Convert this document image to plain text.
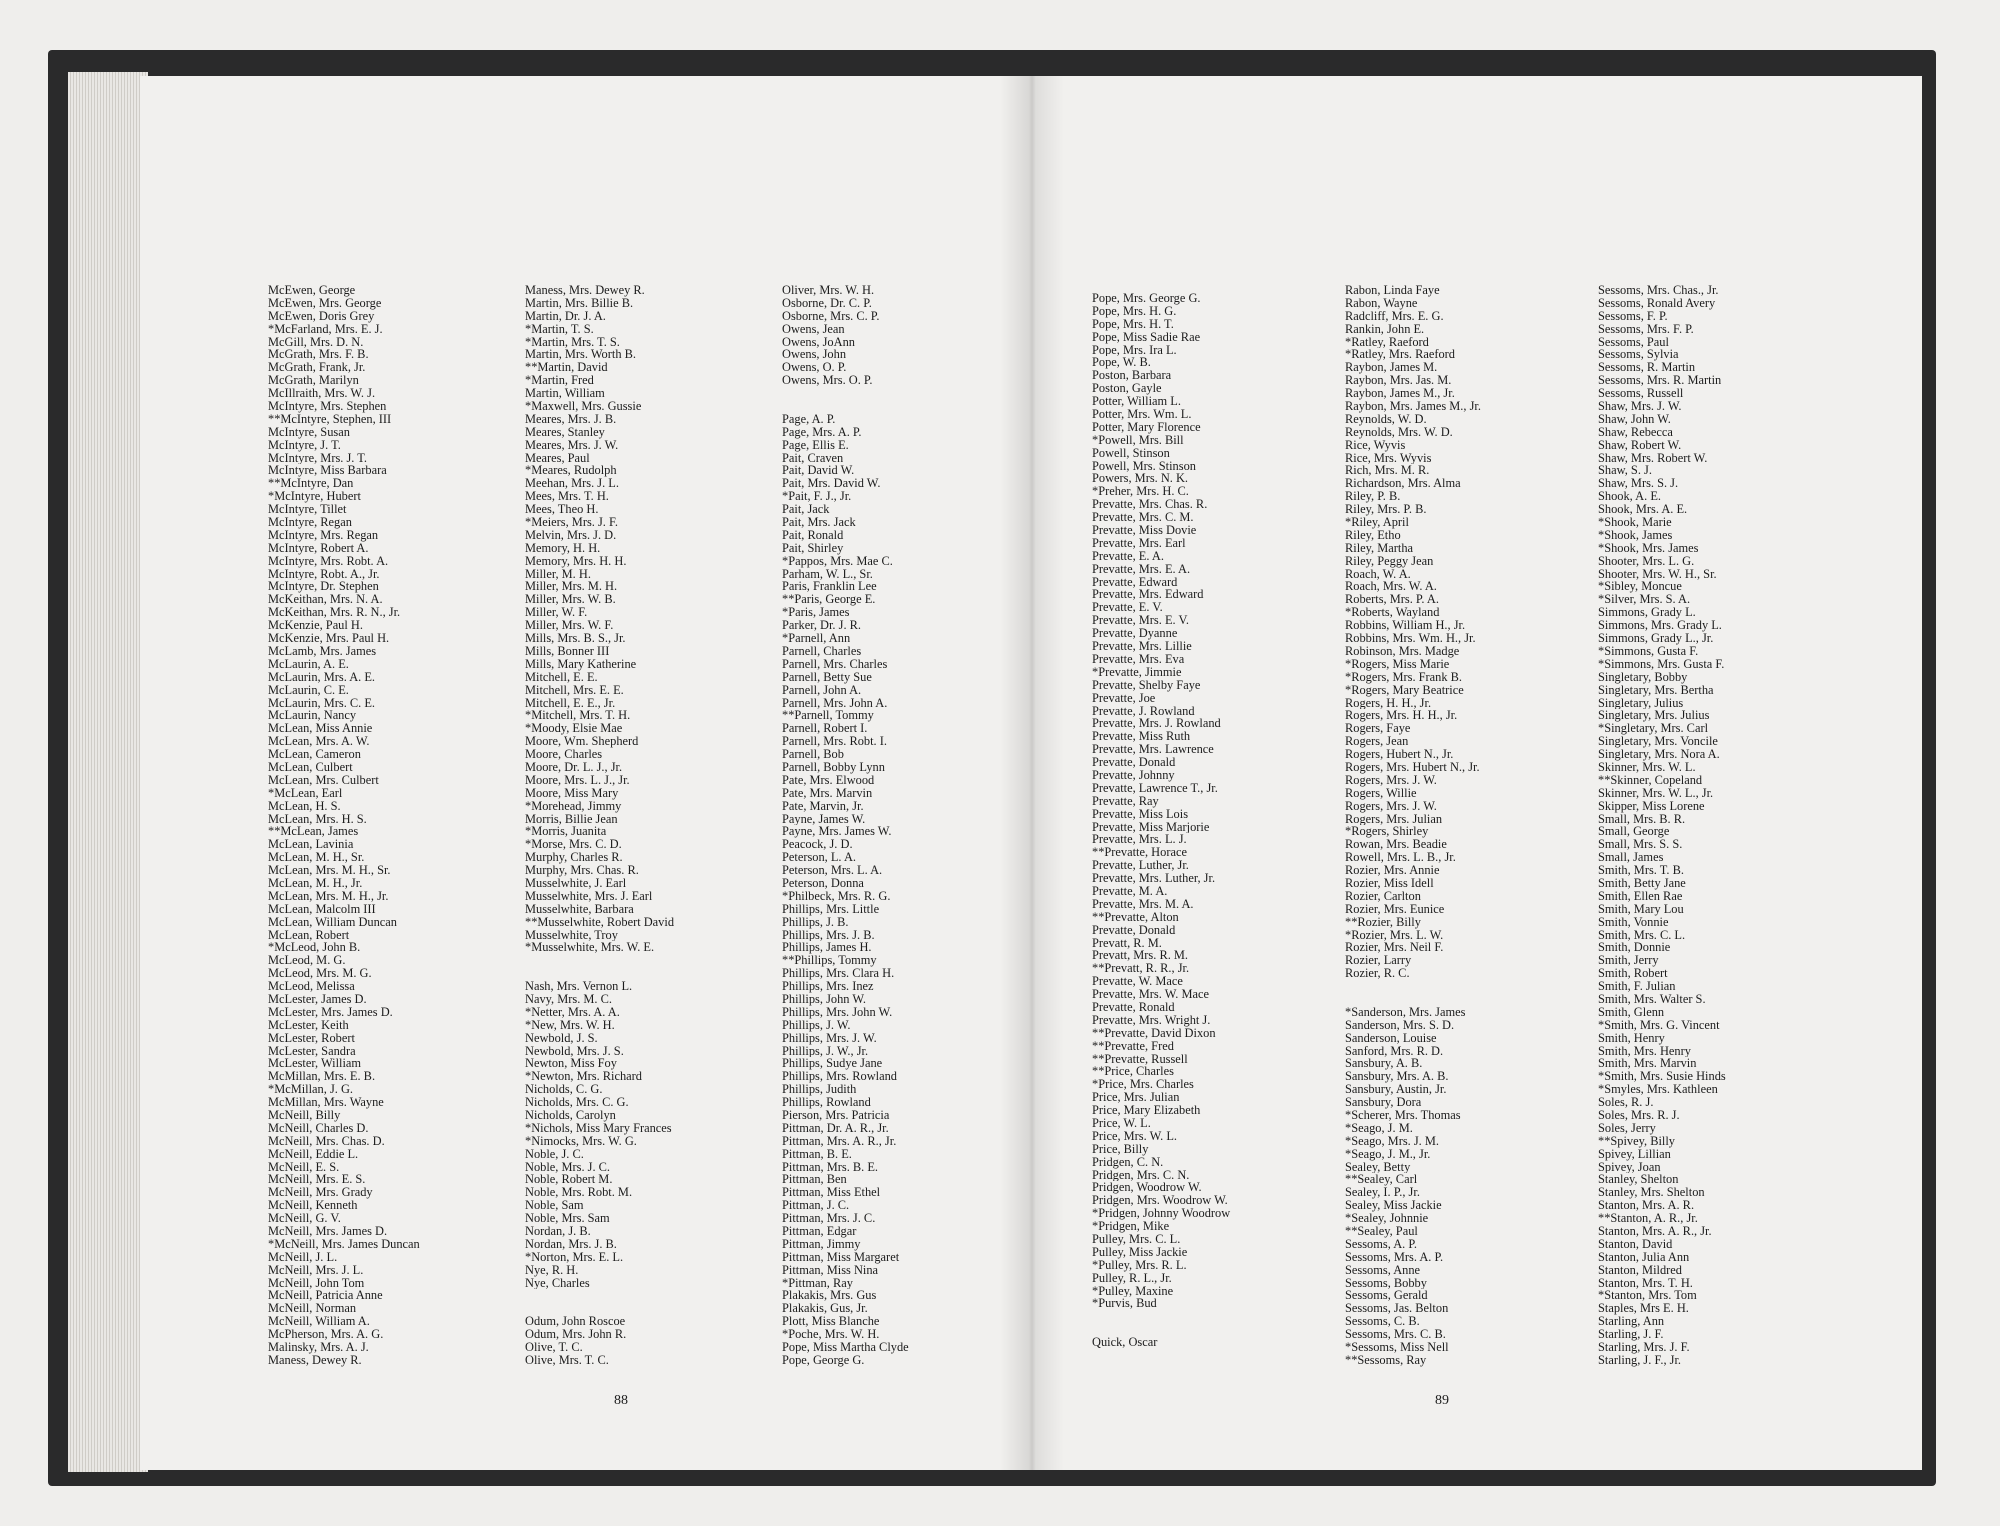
McEwen, George
McEwen, Mrs. George
McEwen, Doris Grey
*McFarland, Mrs. E. J.
McGill, Mrs. D. N.
McGrath, Mrs. F. B.
McGrath, Frank, Jr.
McGrath, Marilyn
McIllraith, Mrs. W. J.
McIntyre, Mrs. Stephen
**McIntyre, Stephen, III
McIntyre, Susan
McIntyre, J. T.
McIntyre, Mrs. J. T.
McIntyre, Miss Barbara
**McIntyre, Dan
*McIntyre, Hubert
McIntyre, Tillet
McIntyre, Regan
McIntyre, Mrs. Regan
McIntyre, Robert A.
McIntyre, Mrs. Robt. A.
McIntyre, Robt. A., Jr.
McIntyre, Dr. Stephen
McKeithan, Mrs. N. A.
McKeithan, Mrs. R. N., Jr.
McKenzie, Paul H.
McKenzie, Mrs. Paul H.
McLamb, Mrs. James
McLaurin, A. E.
McLaurin, Mrs. A. E.
McLaurin, C. E.
McLaurin, Mrs. C. E.
McLaurin, Nancy
McLean, Miss Annie
McLean, Mrs. A. W.
McLean, Cameron
McLean, Culbert
McLean, Mrs. Culbert
*McLean, Earl
McLean, H. S.
McLean, Mrs. H. S.
**McLean, James
McLean, Lavinia
McLean, M. H., Sr.
McLean, Mrs. M. H., Sr.
McLean, M. H., Jr.
McLean, Mrs. M. H., Jr.
McLean, Malcolm III
McLean, William Duncan
McLean, Robert
*McLeod, John B.
McLeod, M. G.
McLeod, Mrs. M. G.
McLeod, Melissa
McLester, James D.
McLester, Mrs. James D.
McLester, Keith
McLester, Robert
McLester, Sandra
McLester, William
McMillan, Mrs. E. B.
*McMillan, J. G.
McMillan, Mrs. Wayne
McNeill, Billy
McNeill, Charles D.
McNeill, Mrs. Chas. D.
McNeill, Eddie L.
McNeill, E. S.
McNeill, Mrs. E. S.
McNeill, Mrs. Grady
McNeill, Kenneth
McNeill, G. V.
McNeill, Mrs. James D.
*McNeill, Mrs. James Duncan
McNeill, J. L.
McNeill, Mrs. J. L.
McNeill, John Tom
McNeill, Patricia Anne
McNeill, Norman
McNeill, William A.
McPherson, Mrs. A. G.
Malinsky, Mrs. A. J.
Maness, Dewey R.
Maness, Mrs. Dewey R.
Martin, Mrs. Billie B.
Martin, Dr. J. A.
*Martin, T. S.
*Martin, Mrs. T. S.
Martin, Mrs. Worth B.
**Martin, David
*Martin, Fred
Martin, William
*Maxwell, Mrs. Gussie
Meares, Mrs. J. B.
Meares, Stanley
Meares, Mrs. J. W.
Meares, Paul
*Meares, Rudolph
Meehan, Mrs. J. L.
Mees, Mrs. T. H.
Mees, Theo H.
*Meiers, Mrs. J. F.
Melvin, Mrs. J. D.
Memory, H. H.
Memory, Mrs. H. H.
Miller, M. H.
Miller, Mrs. M. H.
Miller, Mrs. W. B.
Miller, W. F.
Miller, Mrs. W. F.
Mills, Mrs. B. S., Jr.
Mills, Bonner III
Mills, Mary Katherine
Mitchell, E. E.
Mitchell, Mrs. E. E.
Mitchell, E. E., Jr.
*Mitchell, Mrs. T. H.
*Moody, Elsie Mae
Moore, Wm. Shepherd
Moore, Charles
Moore, Dr. L. J., Jr.
Moore, Mrs. L. J., Jr.
Moore, Miss Mary
*Morehead, Jimmy
Morris, Billie Jean
*Morris, Juanita
*Morse, Mrs. C. D.
Murphy, Charles R.
Murphy, Mrs. Chas. R.
Musselwhite, J. Earl
Musselwhite, Mrs. J. Earl
Musselwhite, Barbara
**Musselwhite, Robert David
Musselwhite, Troy
*Musselwhite, Mrs. W. E.
Nash, Mrs. Vernon L.
Navy, Mrs. M. C.
*Netter, Mrs. A. A.
*New, Mrs. W. H.
Newbold, J. S.
Newbold, Mrs. J. S.
Newton, Miss Foy
*Newton, Mrs. Richard
Nicholds, C. G.
Nicholds, Mrs. C. G.
Nicholds, Carolyn
*Nichols, Miss Mary Frances
*Nimocks, Mrs. W. G.
Noble, J. C.
Noble, Mrs. J. C.
Noble, Robert M.
Noble, Mrs. Robt. M.
Noble, Sam
Noble, Mrs. Sam
Nordan, J. B.
Nordan, Mrs. J. B.
*Norton, Mrs. E. L.
Nye, R. H.
Nye, Charles
Odum, John Roscoe
Odum, Mrs. John R.
Olive, T. C.
Olive, Mrs. T. C.
Oliver, Mrs. W. H.
Osborne, Dr. C. P.
Osborne, Mrs. C. P.
Owens, Jean
Owens, JoAnn
Owens, John
Owens, O. P.
Owens, Mrs. O. P.
Page, A. P.
Page, Mrs. A. P.
Page, Ellis E.
Pait, Craven
Pait, David W.
Pait, Mrs. David W.
*Pait, F. J., Jr.
Pait, Jack
Pait, Mrs. Jack
Pait, Ronald
Pait, Shirley
*Pappos, Mrs. Mae C.
Parham, W. L., Sr.
Paris, Franklin Lee
**Paris, George E.
*Paris, James
Parker, Dr. J. R.
*Parnell, Ann
Parnell, Charles
Parnell, Mrs. Charles
Parnell, Betty Sue
Parnell, John A.
Parnell, Mrs. John A.
**Parnell, Tommy
Parnell, Robert I.
Parnell, Mrs. Robt. I.
Parnell, Bob
Parnell, Bobby Lynn
Pate, Mrs. Elwood
Pate, Mrs. Marvin
Pate, Marvin, Jr.
Payne, James W.
Payne, Mrs. James W.
Peacock, J. D.
Peterson, L. A.
Peterson, Mrs. L. A.
Peterson, Donna
*Philbeck, Mrs. R. G.
Phillips, Mrs. Little
Phillips, J. B.
Phillips, Mrs. J. B.
Phillips, James H.
**Phillips, Tommy
Phillips, Mrs. Clara H.
Phillips, Mrs. Inez
Phillips, John W.
Phillips, Mrs. John W.
Phillips, J. W.
Phillips, Mrs. J. W.
Phillips, J. W., Jr.
Phillips, Sudye Jane
Phillips, Mrs. Rowland
Phillips, Judith
Phillips, Rowland
Pierson, Mrs. Patricia
Pittman, Dr. A. R., Jr.
Pittman, Mrs. A. R., Jr.
Pittman, B. E.
Pittman, Mrs. B. E.
Pittman, Ben
Pittman, Miss Ethel
Pittman, J. C.
Pittman, Mrs. J. C.
Pittman, Edgar
Pittman, Jimmy
Pittman, Miss Margaret
Pittman, Miss Nina
*Pittman, Ray
Plakakis, Mrs. Gus
Plakakis, Gus, Jr.
Plott, Miss Blanche
*Poche, Mrs. W. H.
Pope, Miss Martha Clyde
Pope, George G.
88
Pope, Mrs. George G.
Pope, Mrs. H. G.
Pope, Mrs. H. T.
Pope, Miss Sadie Rae
Pope, Mrs. Ira L.
Pope, W. B.
Poston, Barbara
Poston, Gayle
Potter, William L.
Potter, Mrs. Wm. L.
Potter, Mary Florence
*Powell, Mrs. Bill
Powell, Stinson
Powell, Mrs. Stinson
Powers, Mrs. N. K.
*Preher, Mrs. H. C.
Prevatte, Mrs. Chas. R.
Prevatte, Mrs. C. M.
Prevatte, Miss Dovie
Prevatte, Mrs. Earl
Prevatte, E. A.
Prevatte, Mrs. E. A.
Prevatte, Edward
Prevatte, Mrs. Edward
Prevatte, E. V.
Prevatte, Mrs. E. V.
Prevatte, Dyanne
Prevatte, Mrs. Lillie
Prevatte, Mrs. Eva
*Prevatte, Jimmie
Prevatte, Shelby Faye
Prevatte, Joe
Prevatte, J. Rowland
Prevatte, Mrs. J. Rowland
Prevatte, Miss Ruth
Prevatte, Mrs. Lawrence
Prevatte, Donald
Prevatte, Johnny
Prevatte, Lawrence T., Jr.
Prevatte, Ray
Prevatte, Miss Lois
Prevatte, Miss Marjorie
Prevatte, Mrs. L. J.
**Prevatte, Horace
Prevatte, Luther, Jr.
Prevatte, Mrs. Luther, Jr.
Prevatte, M. A.
Prevatte, Mrs. M. A.
**Prevatte, Alton
Prevatte, Donald
Prevatt, R. M.
Prevatt, Mrs. R. M.
**Prevatt, R. R., Jr.
Prevatte, W. Mace
Prevatte, Mrs. W. Mace
Prevatte, Ronald
Prevatte, Mrs. Wright J.
**Prevatte, David Dixon
**Prevatte, Fred
**Prevatte, Russell
**Price, Charles
*Price, Mrs. Charles
Price, Mrs. Julian
Price, Mary Elizabeth
Price, W. L.
Price, Mrs. W. L.
Price, Billy
Pridgen, C. N.
Pridgen, Mrs. C. N.
Pridgen, Woodrow W.
Pridgen, Mrs. Woodrow W.
*Pridgen, Johnny Woodrow
*Pridgen, Mike
Pulley, Mrs. C. L.
Pulley, Miss Jackie
*Pulley, Mrs. R. L.
Pulley, R. L., Jr.
*Pulley, Maxine
*Purvis, Bud
Quick, Oscar
Rabon, Linda Faye
Rabon, Wayne
Radcliff, Mrs. E. G.
Rankin, John E.
*Ratley, Raeford
*Ratley, Mrs. Raeford
Raybon, James M.
Raybon, Mrs. Jas. M.
Raybon, James M., Jr.
Raybon, Mrs. James M., Jr.
Reynolds, W. D.
Reynolds, Mrs. W. D.
Rice, Wyvis
Rice, Mrs. Wyvis
Rich, Mrs. M. R.
Richardson, Mrs. Alma
Riley, P. B.
Riley, Mrs. P. B.
*Riley, April
Riley, Etho
Riley, Martha
Riley, Peggy Jean
Roach, W. A.
Roach, Mrs. W. A.
Roberts, Mrs. P. A.
*Roberts, Wayland
Robbins, William H., Jr.
Robbins, Mrs. Wm. H., Jr.
Robinson, Mrs. Madge
*Rogers, Miss Marie
*Rogers, Mrs. Frank B.
*Rogers, Mary Beatrice
Rogers, H. H., Jr.
Rogers, Mrs. H. H., Jr.
Rogers, Faye
Rogers, Jean
Rogers, Hubert N., Jr.
Rogers, Mrs. Hubert N., Jr.
Rogers, Mrs. J. W.
Rogers, Willie
Rogers, Mrs. J. W.
Rogers, Mrs. Julian
*Rogers, Shirley
Rowan, Mrs. Beadie
Rowell, Mrs. L. B., Jr.
Rozier, Mrs. Annie
Rozier, Miss Idell
Rozier, Carlton
Rozier, Mrs. Eunice
**Rozier, Billy
*Rozier, Mrs. L. W.
Rozier, Mrs. Neil F.
Rozier, Larry
Rozier, R. C.
*Sanderson, Mrs. James
Sanderson, Mrs. S. D.
Sanderson, Louise
Sanford, Mrs. R. D.
Sansbury, A. B.
Sansbury, Mrs. A. B.
Sansbury, Austin, Jr.
Sansbury, Dora
*Scherer, Mrs. Thomas
*Seago, J. M.
*Seago, Mrs. J. M.
*Seago, J. M., Jr.
Sealey, Betty
**Sealey, Carl
Sealey, I. P., Jr.
Sealey, Miss Jackie
*Sealey, Johnnie
**Sealey, Paul
Sessoms, A. P.
Sessoms, Mrs. A. P.
Sessoms, Anne
Sessoms, Bobby
Sessoms, Gerald
Sessoms, Jas. Belton
Sessoms, C. B.
Sessoms, Mrs. C. B.
*Sessoms, Miss Nell
**Sessoms, Ray
Sessoms, Mrs. Chas., Jr.
Sessoms, Ronald Avery
Sessoms, F. P.
Sessoms, Mrs. F. P.
Sessoms, Paul
Sessoms, Sylvia
Sessoms, R. Martin
Sessoms, Mrs. R. Martin
Sessoms, Russell
Shaw, Mrs. J. W.
Shaw, John W.
Shaw, Rebecca
Shaw, Robert W.
Shaw, Mrs. Robert W.
Shaw, S. J.
Shaw, Mrs. S. J.
Shook, A. E.
Shook, Mrs. A. E.
*Shook, Marie
*Shook, James
*Shook, Mrs. James
Shooter, Mrs. L. G.
Shooter, Mrs. W. H., Sr.
*Sibley, Moncue
*Silver, Mrs. S. A.
Simmons, Grady L.
Simmons, Mrs. Grady L.
Simmons, Grady L., Jr.
*Simmons, Gusta F.
*Simmons, Mrs. Gusta F.
Singletary, Bobby
Singletary, Mrs. Bertha
Singletary, Julius
Singletary, Mrs. Julius
*Singletary, Mrs. Carl
Singletary, Mrs. Voncile
Singletary, Mrs. Nora A.
Skinner, Mrs. W. L.
**Skinner, Copeland
Skinner, Mrs. W. L., Jr.
Skipper, Miss Lorene
Small, Mrs. B. R.
Small, George
Small, Mrs. S. S.
Small, James
Smith, Mrs. T. B.
Smith, Betty Jane
Smith, Ellen Rae
Smith, Mary Lou
Smith, Vonnie
Smith, Mrs. C. L.
Smith, Donnie
Smith, Jerry
Smith, Robert
Smith, F. Julian
Smith, Mrs. Walter S.
Smith, Glenn
*Smith, Mrs. G. Vincent
Smith, Henry
Smith, Mrs. Henry
Smith, Mrs. Marvin
*Smith, Mrs. Susie Hinds
*Smyles, Mrs. Kathleen
Soles, R. J.
Soles, Mrs. R. J.
Soles, Jerry
**Spivey, Billy
Spivey, Lillian
Spivey, Joan
Stanley, Shelton
Stanley, Mrs. Shelton
Stanton, Mrs. A. R.
**Stanton, A. R., Jr.
Stanton, Mrs. A. R., Jr.
Stanton, David
Stanton, Julia Ann
Stanton, Mildred
Stanton, Mrs. T. H.
*Stanton, Mrs. Tom
Staples, Mrs E. H.
Starling, Ann
Starling, J. F.
Starling, Mrs. J. F.
Starling, J. F., Jr.
89
